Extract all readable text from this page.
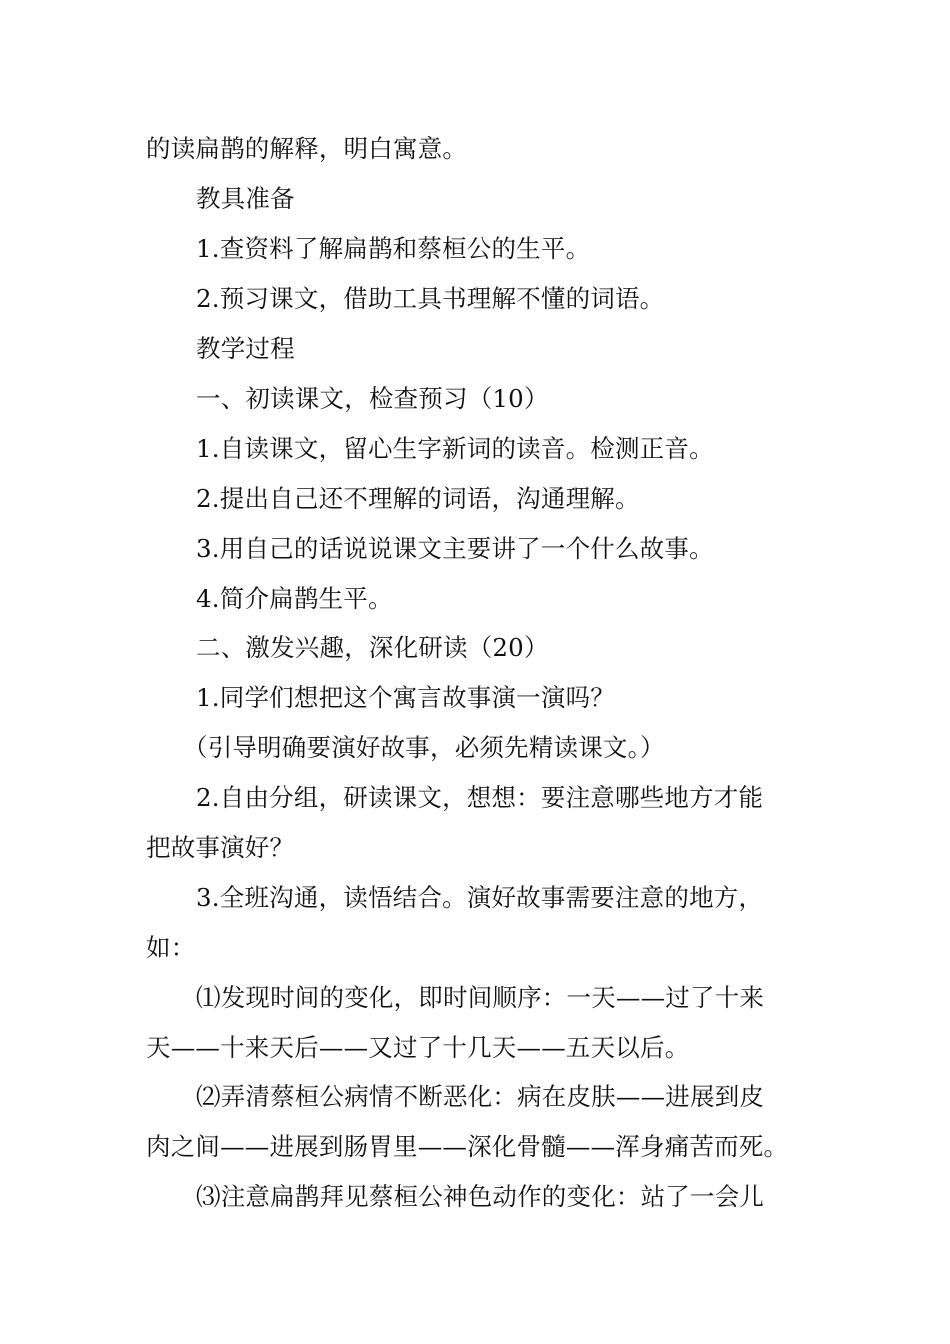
的读扁鹊的解释，明白寓意。
教具准备
1.查资料了解扁鹊和蔡桓公的生平。
2.预习课文，借助工具书理解不懂的词语。
教学过程
一、初读课文，检查预习（10）
1.自读课文，留心生字新词的读音。检测正音。
2.提出自己还不理解的词语，沟通理解。
3.用自己的话说说课文主要讲了一个什么故事。
4.简介扁鹊生平。
二、激发兴趣，深化研读（20）
1.同学们想把这个寓言故事演一演吗？
（引导明确要演好故事，必须先精读课文。）
2.自由分组，研读课文，想想：要注意哪些地方才能
把故事演好？
3.全班沟通，读悟结合。演好故事需要注意的地方，
如：
⑴发现时间的变化，即时间顺序：一天——过了十来
天——十来天后——又过了十几天——五天以后。
⑵弄清蔡桓公病情不断恶化：病在皮肤——进展到皮
肉之间——进展到肠胃里——深化骨髓——浑身痛苦而死。
⑶注意扁鹊拜见蔡桓公神色动作的变化：站了一会儿
